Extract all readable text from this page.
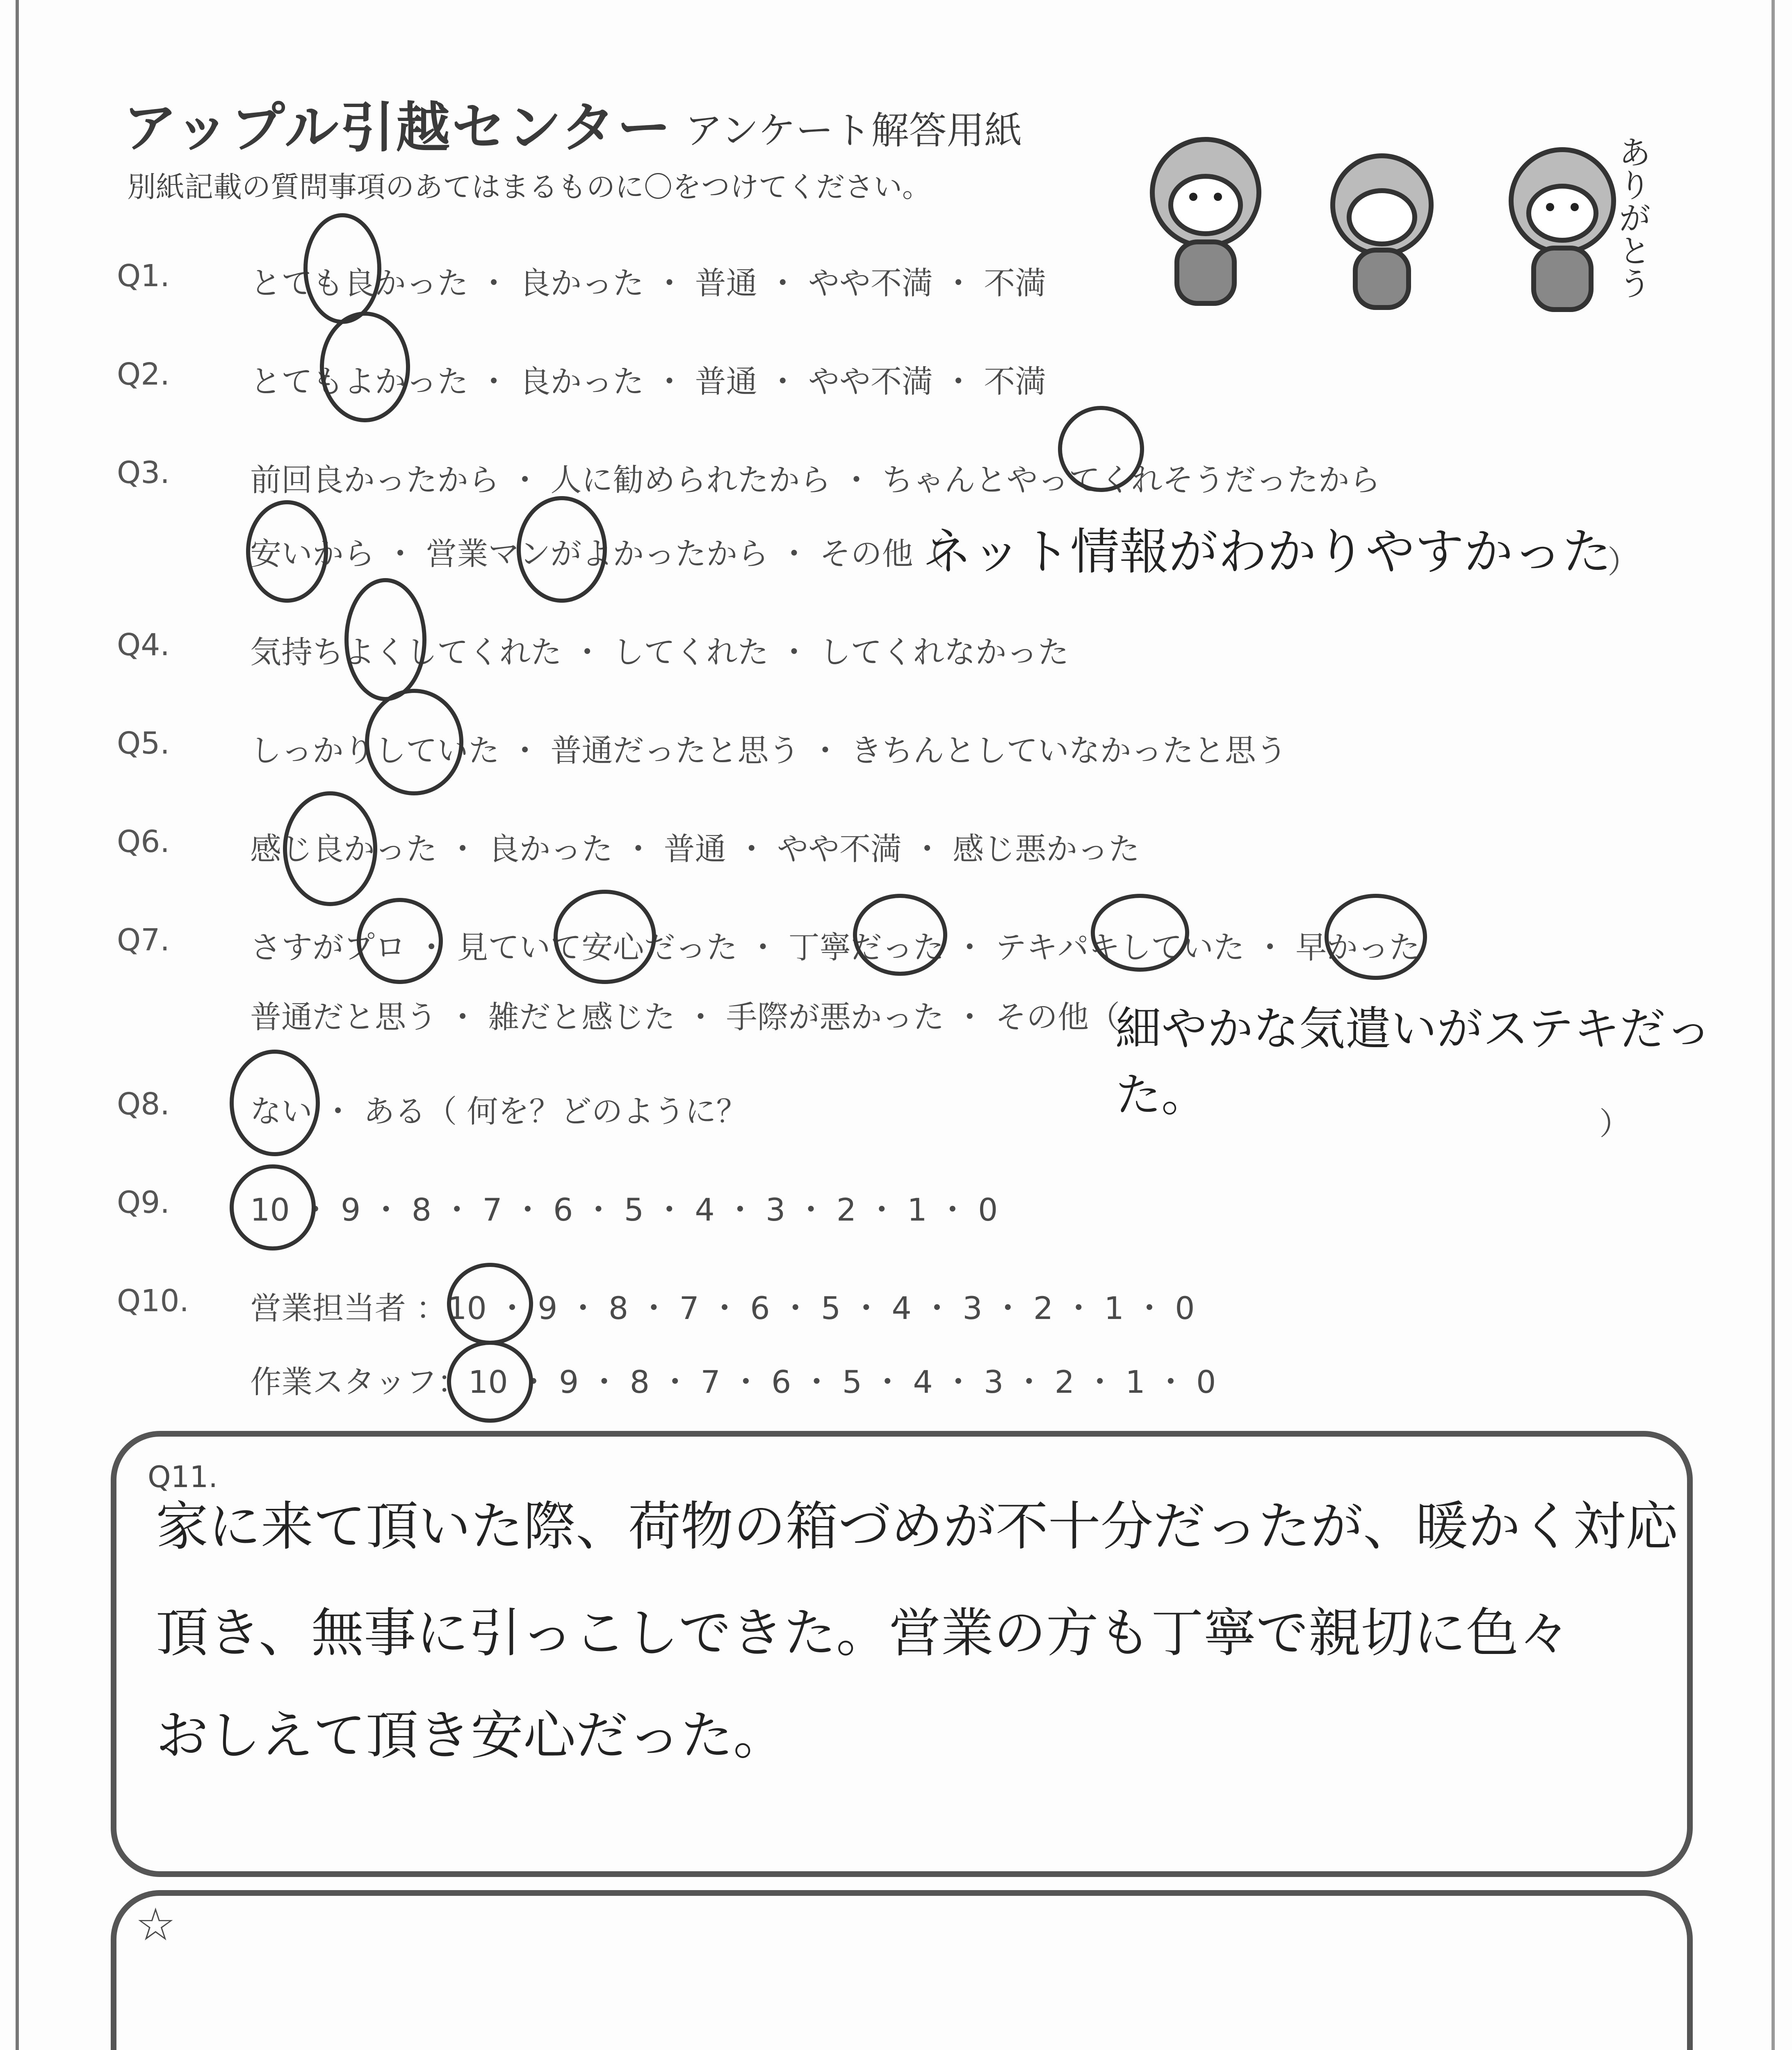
アップル引越センター アンケート解答用紙
別紙記載の質問事項のあてはまるものに〇をつけてください。	ありがとう
Q1.	とても良かった ・ 良かった ・ 普通 ・ やや不満 ・ 不満
Q2.	とてもよかった ・ 良かった ・ 普通 ・ やや不満 ・ 不満
Q3.	前回良かったから ・ 人に勧められたから ・ ちゃんとやってくれそうだったから
安いから ・ 営業マンがよかったから ・ その他（	）
ネット情報がわかりやすかった
Q4.	気持ちよくしてくれた ・ してくれた ・ してくれなかった
Q5.	しっかりしていた ・ 普通だったと思う ・ きちんとしていなかったと思う
Q6.	感じ良かった ・ 良かった ・ 普通 ・ やや不満 ・ 感じ悪かった
Q7.	さすがプロ ・ 見ていて安心だった ・ 丁寧だった ・ テキパキしていた ・ 早かった
普通だと思う ・ 雑だと感じた ・ 手際が悪かった ・ その他（
細やかな気遣いがステキだった。
Q8.	ない ・ ある（ 何を？どのように？	）
Q9.	10 ・ 9 ・ 8 ・ 7 ・ 6 ・ 5 ・ 4 ・ 3 ・ 2 ・ 1 ・ 0
Q10. 営業担当者 ：10 ・ 9 ・ 8 ・ 7 ・ 6 ・ 5 ・ 4 ・ 3 ・ 2 ・ 1 ・ 0
作業スタッフ：10 ・ 9 ・ 8 ・ 7 ・ 6 ・ 5 ・ 4 ・ 3 ・ 2 ・ 1 ・ 0
Q11.
家に来て頂いた際、荷物の箱づめが不十分だったが、暖かく対応
頂き、無事に引っこしできた。営業の方も丁寧で親切に色々
おしえて頂き安心だった。
☆
